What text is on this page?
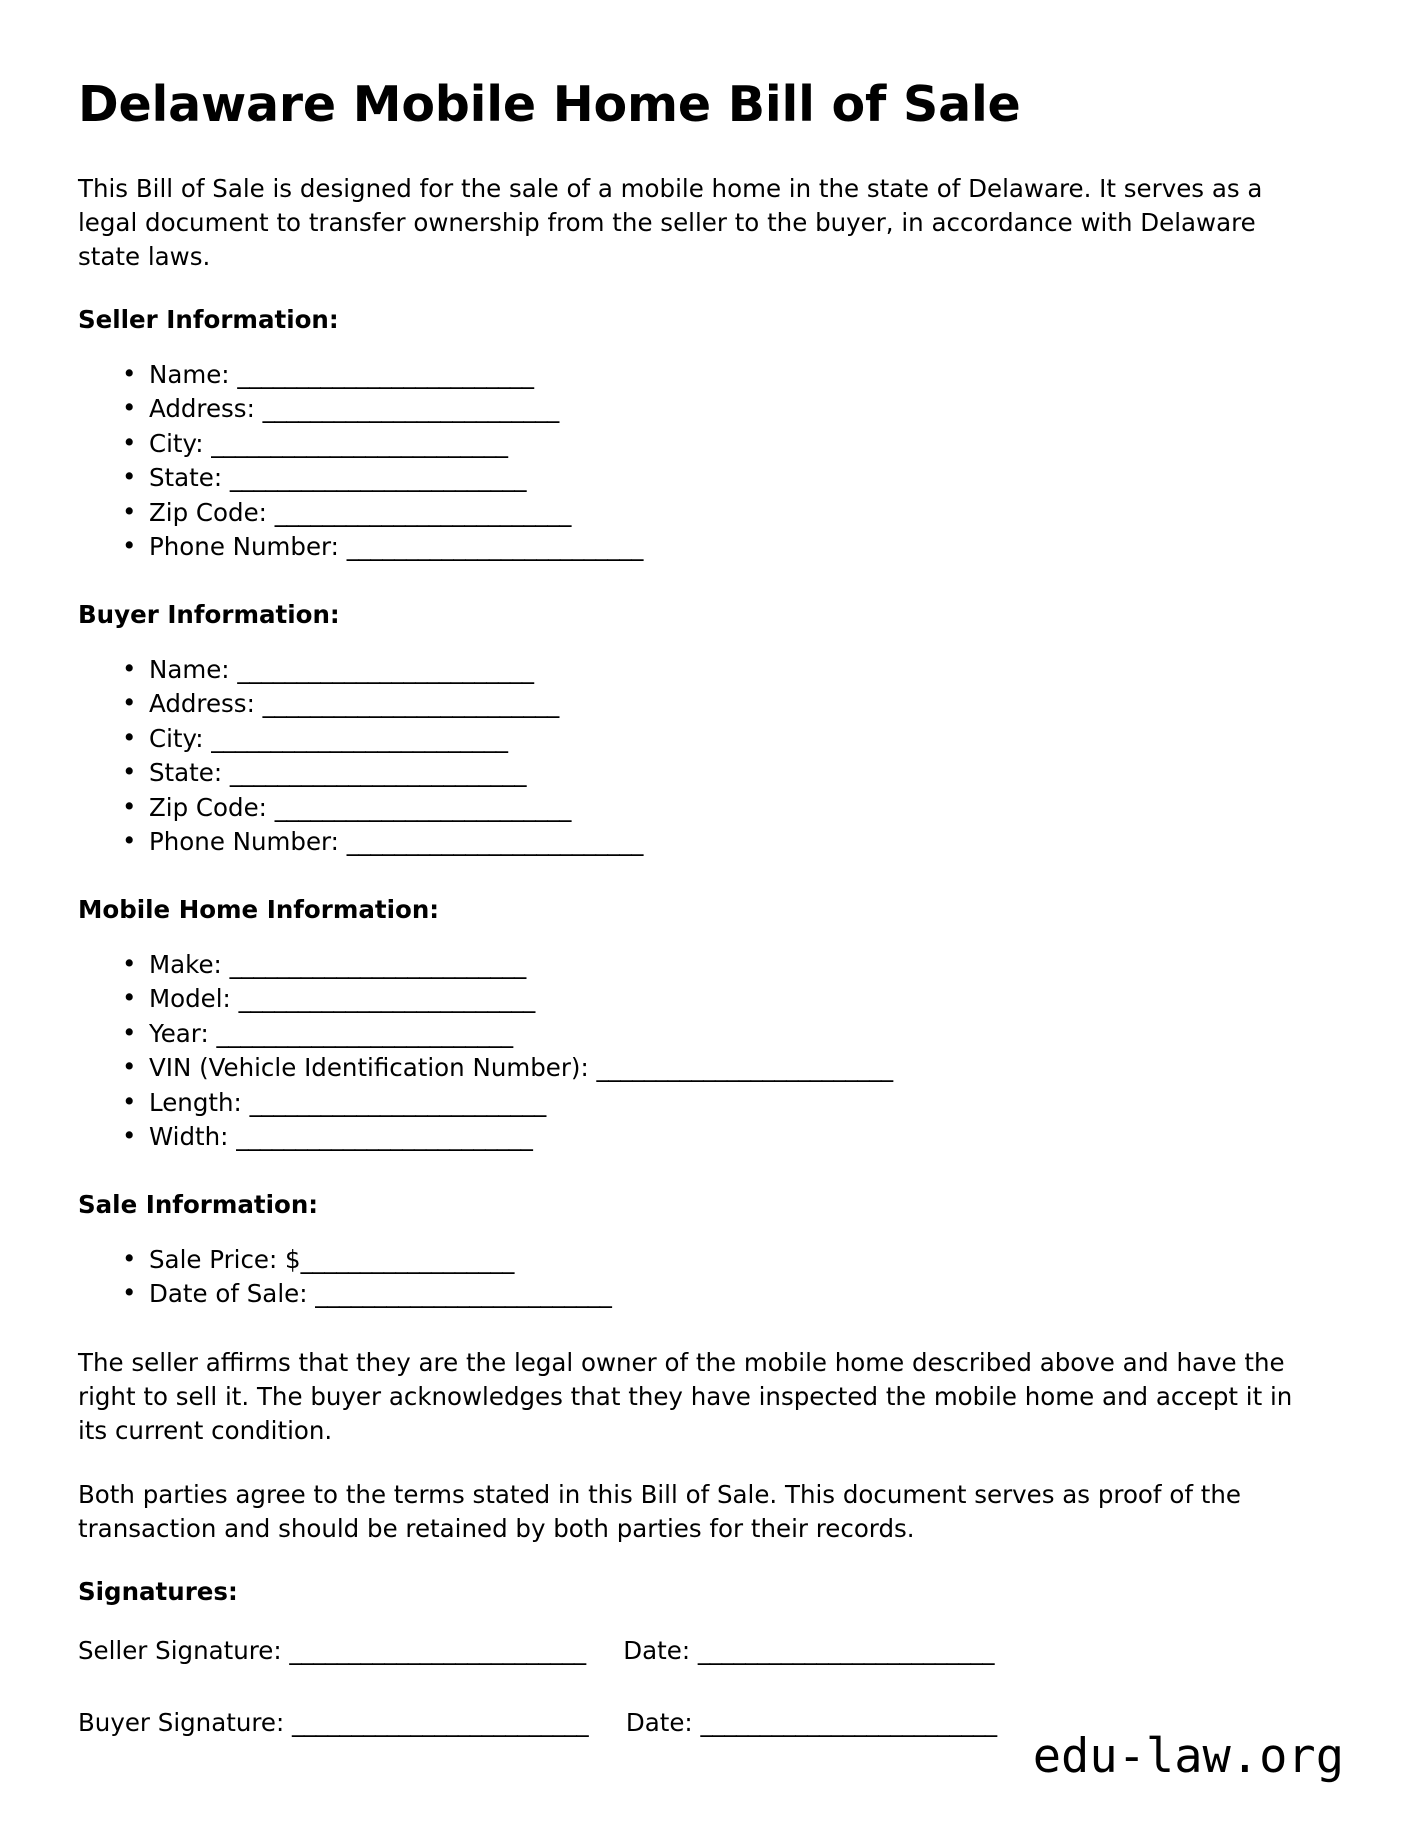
Delaware Mobile Home Bill of Sale

This Bill of Sale is designed for the sale of a mobile home in the state of Delaware. It serves as a legal document to transfer ownership from the seller to the buyer, in accordance with Delaware state laws.

Seller Information:
• Name: _________________________
• Address: _________________________
• City: _________________________
• State: _________________________
• Zip Code: _________________________
• Phone Number: _________________________
Buyer Information:
• Name: _________________________
• Address: _________________________
• City: _________________________
• State: _________________________
• Zip Code: _________________________
• Phone Number: _________________________
Mobile Home Information:
• Make: _________________________
• Model: _________________________
• Year: _________________________
• VIN (Vehicle Identification Number): _________________________
• Length: _________________________
• Width: _________________________
Sale Information:
• Sale Price: $__________________
• Date of Sale: _________________________

The seller affirms that they are the legal owner of the mobile home described above and have the right to sell it. The buyer acknowledges that they have inspected the mobile home and accept it in its current condition.

Both parties agree to the terms stated in this Bill of Sale. This document serves as proof of the transaction and should be retained by both parties for their records.

Signatures:
Seller Signature: _________________________ Date: _________________________
Buyer Signature: _________________________ Date: _________________________
edu-law.org
